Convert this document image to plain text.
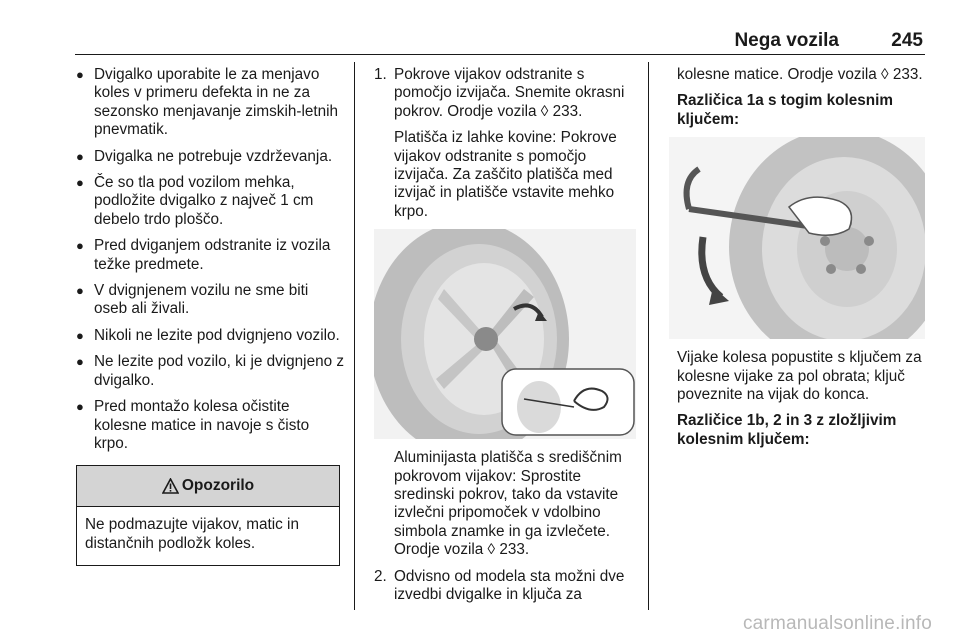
Nega vozila	245
● Dvigalko uporabite le za menjavo koles v primeru defekta in ne za sezonsko menjavanje zimskih-letnih pnevmatik.
● Dvigalka ne potrebuje vzdrževanja.
● Če so tla pod vozilom mehka, podložite dvigalko z največ 1 cm debelo trdo ploščo.
● Pred dviganjem odstranite iz vozila težke predmete.
● V dvignjenem vozilu ne sme biti oseb ali živali.
● Nikoli ne lezite pod dvignjeno vozilo.
● Ne lezite pod vozilo, ki je dvignjeno z dvigalko.
● Pred montažo kolesa očistite kolesne matice in navoje s čisto krpo.
Opozorilo
Ne podmazujte vijakov, matic in distančnih podložk koles.
1. Pokrove vijakov odstranite s pomočjo izvijača. Snemite okrasni pokrov. Orodje vozila ◊ 233.
Platišča iz lahke kovine: Pokrove vijakov odstranite s pomočjo izvijača. Za zaščito platišča med izvijač in platišče vstavite mehko krpo.
Aluminijasta platišča s središčnim pokrovom vijakov: Sprostite sredinski pokrov, tako da vstavite izvlečni pripomoček v vdolbino simbola znamke in ga izvlečete. Orodje vozila ◊ 233.
2. Odvisno od modela sta možni dve izvedbi dvigalke in ključa za
kolesne matice. Orodje vozila ◊ 233.
Različica 1a s togim kolesnim ključem:
Vijake kolesa popustite s ključem za kolesne vijake za pol obrata; ključ poveznite na vijak do konca.
Različice 1b, 2 in 3 z zložljivim kolesnim ključem:
carmanualsonline.info
